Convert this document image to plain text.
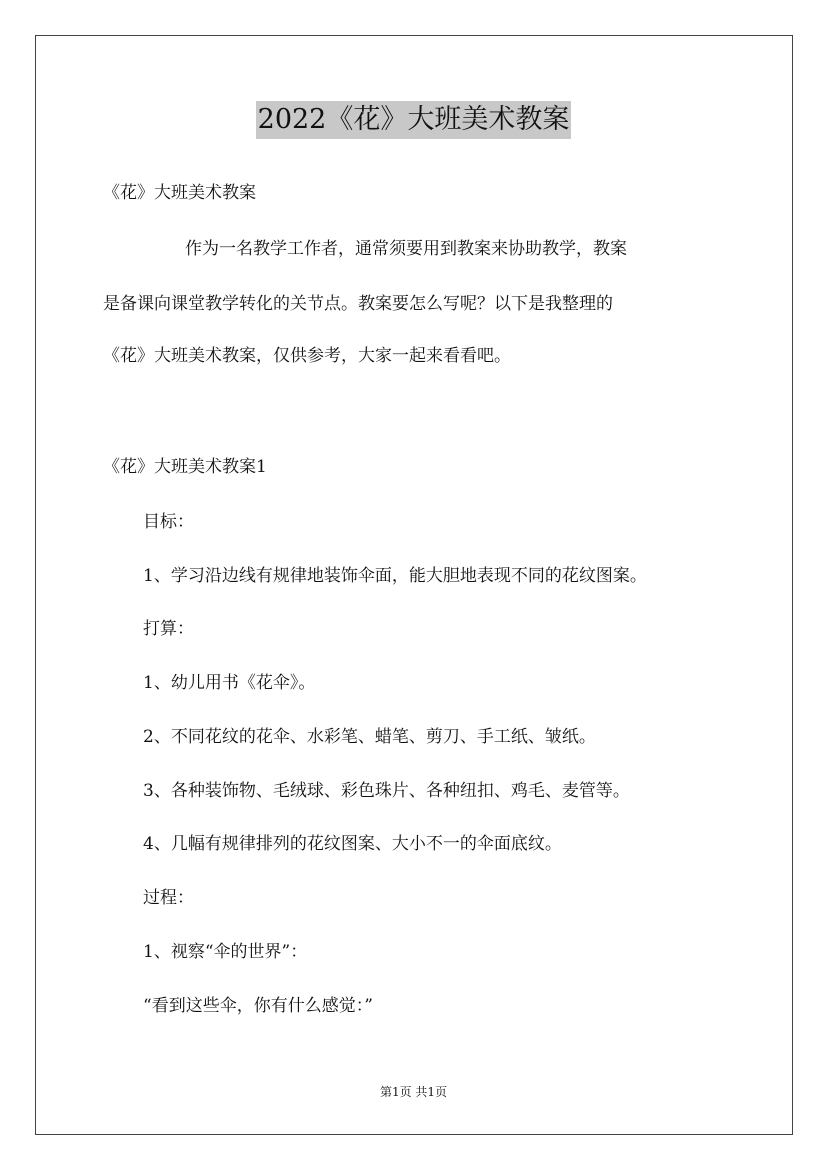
2022《花》大班美术教案
《花》大班美术教案
作为一名教学工作者，通常须要用到教案来协助教学，教案
是备课向课堂教学转化的关节点。教案要怎么写呢？以下是我整理的
《花》大班美术教案，仅供参考，大家一起来看看吧。
《花》大班美术教案1
目标：
1、学习沿边线有规律地装饰伞面，能大胆地表现不同的花纹图案。
打算：
1、幼儿用书《花伞》。
2、不同花纹的花伞、水彩笔、蜡笔、剪刀、手工纸、皱纸。
3、各种装饰物、毛绒球、彩色珠片、各种纽扣、鸡毛、麦管等。
4、几幅有规律排列的花纹图案、大小不一的伞面底纹。
过程：
1、视察“伞的世界”：
“看到这些伞，你有什么感觉：”
第1页 共1页
